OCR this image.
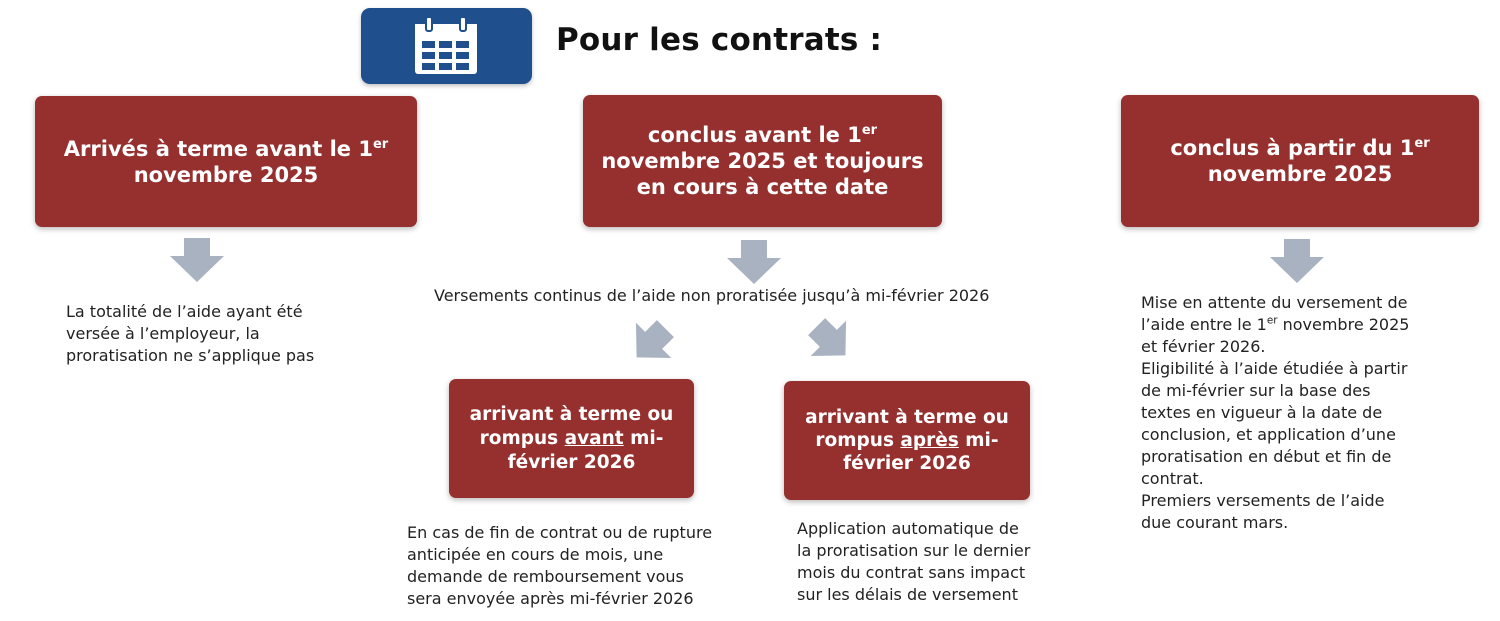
Pour les contrats :
Arrivés à terme avant le 1er
novembre 2025
La totalité de l’aide ayant été
versée à l’employeur, la
proratisation ne s’applique pas
conclus avant le 1er
novembre 2025 et toujours
en cours à cette date
Versements continus de l’aide non proratisée jusqu’à mi-février 2026
arrivant à terme ou
rompus avant mi-
février 2026
arrivant à terme ou
rompus après mi-
février 2026
En cas de fin de contrat ou de rupture
anticipée en cours de mois, une
demande de remboursement vous
sera envoyée après mi-février 2026
Application automatique de
la proratisation sur le dernier
mois du contrat sans impact
sur les délais de versement
conclus à partir du 1er
novembre 2025
Mise en attente du versement de
l’aide entre le 1er novembre 2025
et février 2026.
Eligibilité à l’aide étudiée à partir
de mi-février sur la base des
textes en vigueur à la date de
conclusion, et application d’une
proratisation en début et fin de
contrat.
Premiers versements de l’aide
due courant mars.
